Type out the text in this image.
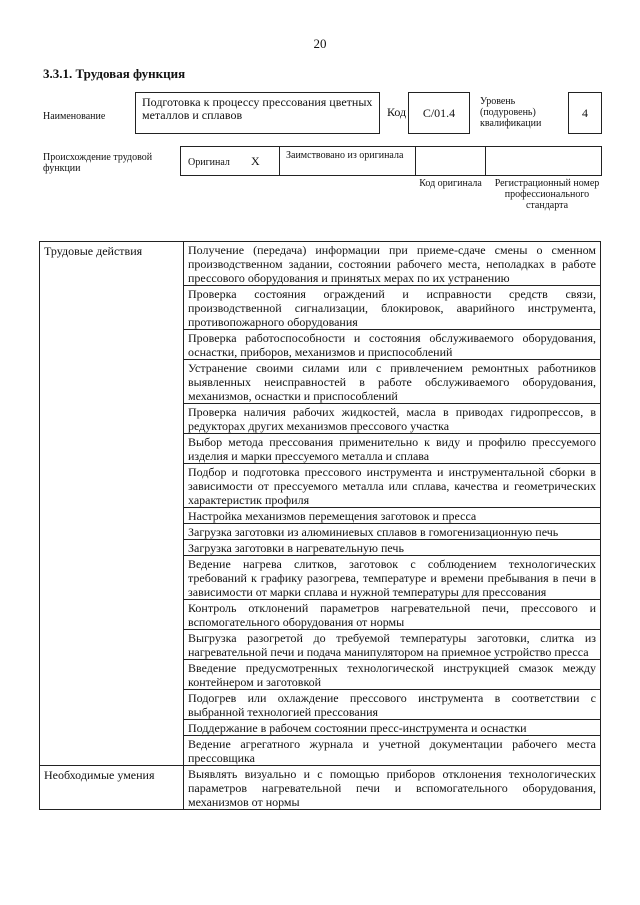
20
3.3.1. Трудовая функция
Наименование
Подготовка к процессу прессования цветных металлов и сплавов	Код С/01.4
Уровень (подуровень) квалификации
4
Происхождение трудовой функции
Оригинал Х	Заимствовано из оригинала
Код оригинала	Регистрационный номер профессионального стандарта
Трудовые действия	Получение (передача) информации при приеме-сдаче смены о сменном производственном задании, состоянии рабочего места, неполадках в работе прессового оборудования и принятых мерах по их устранению
	Проверка состояния ограждений и исправности средств связи, производственной сигнализации, блокировок, аварийного инструмента, противопожарного оборудования
	Проверка работоспособности и состояния обслуживаемого оборудования, оснастки, приборов, механизмов и приспособлений
	Устранение своими силами или с привлечением ремонтных работников выявленных неисправностей в работе обслуживаемого оборудования, механизмов, оснастки и приспособлений
	Проверка наличия рабочих жидкостей, масла в приводах гидропрессов, в редукторах других механизмов прессового участка
	Выбор метода прессования применительно к виду и профилю прессуемого изделия и марки прессуемого металла и сплава
	Подбор и подготовка прессового инструмента и инструментальной сборки в зависимости от прессуемого металла или сплава, качества и геометрических характеристик профиля
	Настройка механизмов перемещения заготовок и пресса
	Загрузка заготовки из алюминиевых сплавов в гомогенизационную печь
	Загрузка заготовки в нагревательную печь
	Ведение нагрева слитков, заготовок с соблюдением технологических требований к графику разогрева, температуре и времени пребывания в печи в зависимости от марки сплава и нужной температуры для прессования
	Контроль отклонений параметров нагревательной печи, прессового и вспомогательного оборудования от нормы
	Выгрузка разогретой до требуемой температуры заготовки, слитка из нагревательной печи и подача манипулятором на приемное устройство пресса
	Введение предусмотренных технологической инструкцией смазок между контейнером и заготовкой
	Подогрев или охлаждение прессового инструмента в соответствии с выбранной технологией прессования
	Поддержание в рабочем состоянии пресс-инструмента и оснастки
	Ведение агрегатного журнала и учетной документации рабочего места прессовщика
Необходимые умения	Выявлять визуально и с помощью приборов отклонения технологических параметров нагревательной печи и вспомогательного оборудования, механизмов от нормы
